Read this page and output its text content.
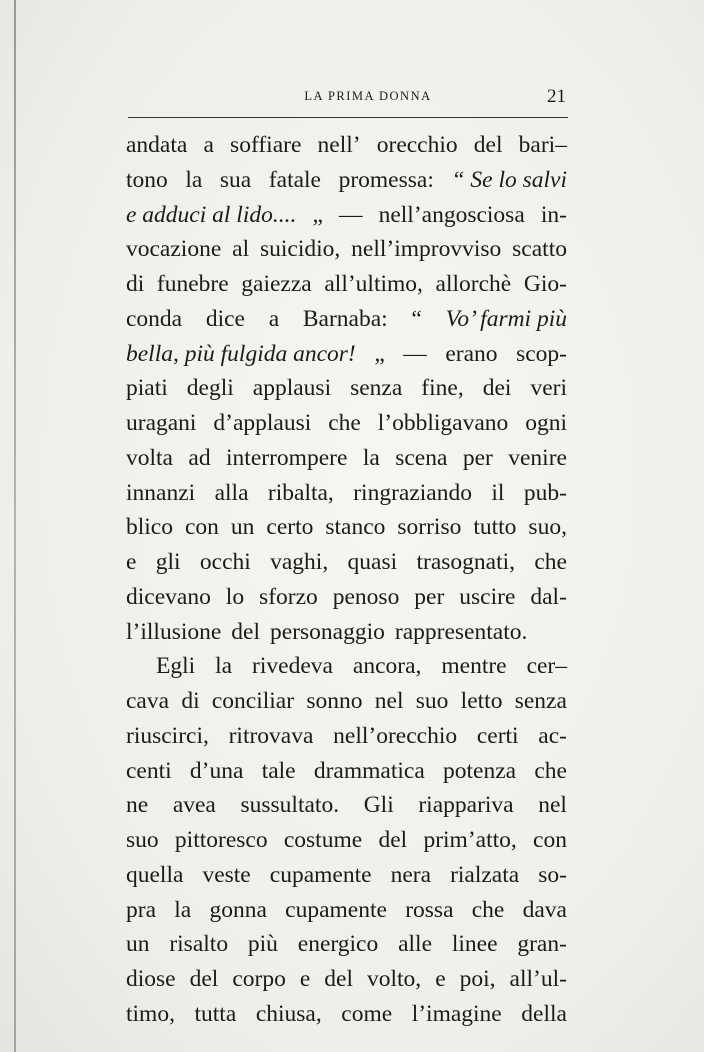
LA PRIMA DONNA	21
andata a soffiare nell’ orecchio del bari–
tono la sua fatale promessa: “ Se lo salvi
e adduci al lido.... „ — nell’angosciosa in-
vocazione al suicidio, nell’improvviso scatto
di funebre gaiezza all’ultimo, allorchè Gio-
conda dice a Barnaba: “ Vo’ farmi più
bella, più fulgida ancor! „ — erano scop-
piati degli applausi senza fine, dei veri
uragani d’applausi che l’obbligavano ogni
volta ad interrompere la scena per venire
innanzi alla ribalta, ringraziando il pub-
blico con un certo stanco sorriso tutto suo,
e gli occhi vaghi, quasi trasognati, che
dicevano lo sforzo penoso per uscire dal-
l’illusione del personaggio rappresentato.
Egli la rivedeva ancora, mentre cer–
cava di conciliar sonno nel suo letto senza
riuscirci, ritrovava nell’orecchio certi ac-
centi d’una tale drammatica potenza che
ne avea sussultato. Gli riappariva nel
suo pittoresco costume del prim’atto, con
quella veste cupamente nera rialzata so-
pra la gonna cupamente rossa che dava
un risalto più energico alle linee gran-
diose del corpo e del volto, e poi, all’ul-
timo, tutta chiusa, come l’imagine della
